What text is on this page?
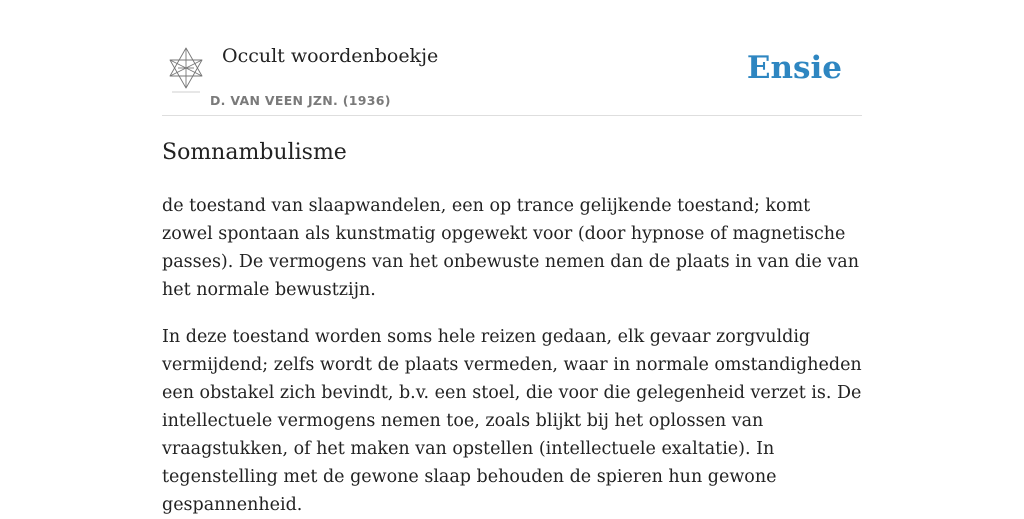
Occult woordenboekje
D. VAN VEEN JZN. (1936)
Ensie
Somnambulisme

de toestand van slaapwandelen, een op trance gelijkende toestand; komt zowel spontaan als kunstmatig opgewekt voor (door hypnose of magnetische passes). De vermogens van het onbewuste nemen dan de plaats in van die van het normale bewustzijn.

In deze toestand worden soms hele reizen gedaan, elk gevaar zorgvuldig vermijdend; zelfs wordt de plaats vermeden, waar in normale omstandigheden een obstakel zich bevindt, b.v. een stoel, die voor die gelegenheid verzet is. De intellectuele vermogens nemen toe, zoals blijkt bij het oplossen van vraagstukken, of het maken van opstellen (intellectuele exaltatie). In tegenstelling met de gewone slaap behouden de spieren hun gewone gespannenheid.
